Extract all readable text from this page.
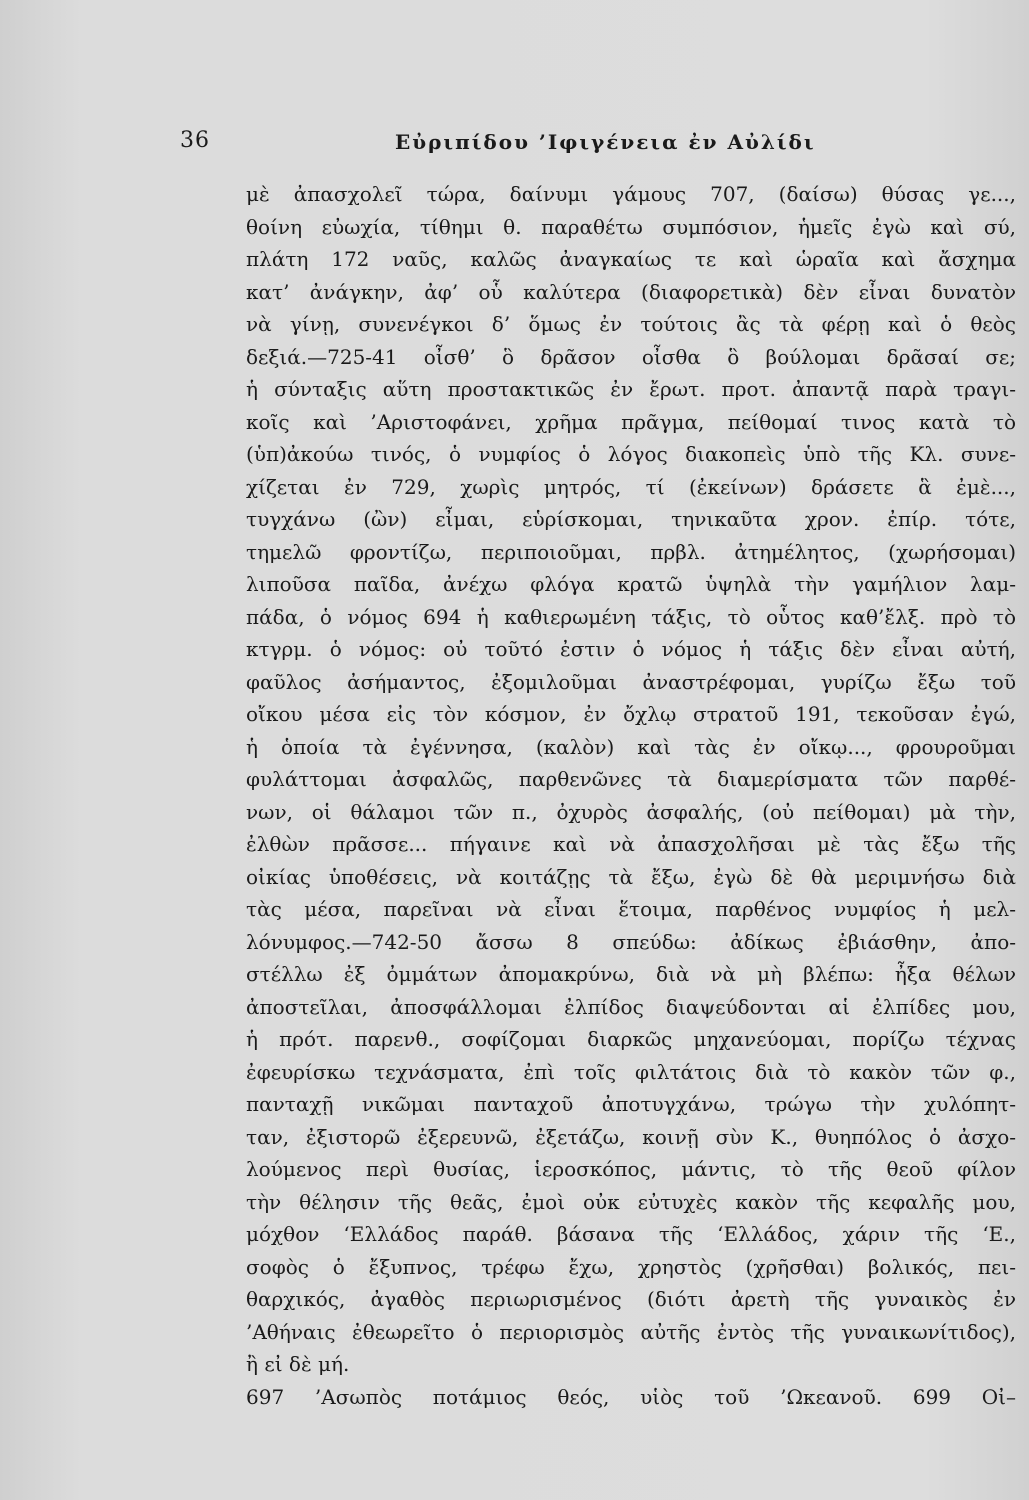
36	Εὐριπίδου ’Ιφιγένεια ἐν Αὐλίδι
μὲ ἀπασχολεῖ τώρα, δαίνυμι γάμους 707, (δαίσω) θύσας γε...,
θοίνη εὐωχία, τίθημι θ. παραθέτω συμπόσιον, ἡμεῖς ἐγὼ καὶ σύ,
πλάτη 172 ναῦς, καλῶς ἀναγκαίως τε καὶ ὡραῖα καὶ ἄσχημα
κατ’ ἀνάγκην, ἀφ’ οὗ καλύτερα (διαφορετικὰ) δὲν εἶναι δυνατὸν
νὰ γίνῃ, συνενέγκοι δ’ ὅμως ἐν τούτοις ἂς τὰ φέρῃ καὶ ὁ θεὸς
δεξιά.—725-41 οἶσθ’ ὃ δρᾶσον οἶσθα ὃ βούλομαι δρᾶσαί σε;
ἡ σύνταξις αὕτη προστακτικῶς ἐν ἔρωτ. προτ. ἀπαντᾷ παρὰ τραγι-
κοῖς καὶ ’Αριστοφάνει, χρῆμα πρᾶγμα, πείθομαί τινος κατὰ τὸ
(ὑπ)ἀκούω τινός, ὁ νυμφίος ὁ λόγος διακοπεὶς ὑπὸ τῆς Κλ. συνε-
χίζεται ἐν 729, χωρὶς μητρός, τί (ἐκείνων) δράσετε ἃ ἐμὲ...,
τυγχάνω (ὢν) εἶμαι, εὑρίσκομαι, τηνικαῦτα χρον. ἐπίρ. τότε,
τημελῶ φροντίζω, περιποιοῦμαι, πρβλ. ἀτημέλητος, (χωρήσομαι)
λιποῦσα παῖδα, ἀνέχω φλόγα κρατῶ ὑψηλὰ τὴν γαμήλιον λαμ-
πάδα, ὁ νόμος 694 ἡ καθιερωμένη τάξις, τὸ οὗτος καθ’ἔλξ. πρὸ τὸ
κτγρμ. ὁ νόμος: οὐ τοῦτό ἐστιν ὁ νόμος ἡ τάξις δὲν εἶναι αὐτή,
φαῦλος ἀσήμαντος, ἐξομιλοῦμαι ἀναστρέφομαι, γυρίζω ἔξω τοῦ
οἴκου μέσα εἰς τὸν κόσμον, ἐν ὄχλῳ στρατοῦ 191, τεκοῦσαν ἐγώ,
ἡ ὁποία τὰ ἐγέννησα, (καλὸν) καὶ τὰς ἐν οἴκῳ..., φρουροῦμαι
φυλάττομαι ἀσφαλῶς, παρθενῶνες τὰ διαμερίσματα τῶν παρθέ-
νων, οἱ θάλαμοι τῶν π., ὀχυρὸς ἀσφαλής, (οὐ πείθομαι) μὰ τὴν,
ἐλθὼν πρᾶσσε... πήγαινε καὶ νὰ ἀπασχολῆσαι μὲ τὰς ἔξω τῆς
οἰκίας ὑποθέσεις, νὰ κοιτάζῃς τὰ ἔξω, ἐγὼ δὲ θὰ μεριμνήσω διὰ
τὰς μέσα, παρεῖναι νὰ εἶναι ἕτοιμα, παρθένος νυμφίος ἡ μελ-
λόνυμφος.—742-50 ἄσσω 8 σπεύδω: ἀδίκως ἐβιάσθην, ἀπο-
στέλλω ἐξ ὀμμάτων ἀπομακρύνω, διὰ νὰ μὴ βλέπω: ἦξα θέλων
ἀποστεῖλαι, ἀποσφάλλομαι ἐλπίδος διαψεύδονται αἱ ἐλπίδες μου,
ἡ πρότ. παρενθ., σοφίζομαι διαρκῶς μηχανεύομαι, πορίζω τέχνας
ἐφευρίσκω τεχνάσματα, ἐπὶ τοῖς φιλτάτοις διὰ τὸ κακὸν τῶν φ.,
πανταχῇ νικῶμαι πανταχοῦ ἀποτυγχάνω, τρώγω τὴν χυλόπητ-
ταν, ἐξιστορῶ ἐξερευνῶ, ἐξετάζω, κοινῇ σὺν Κ., θυηπόλος ὁ ἀσχο-
λούμενος περὶ θυσίας, ἱεροσκόπος, μάντις, τὸ τῆς θεοῦ φίλον
τὴν θέλησιν τῆς θεᾶς, ἐμοὶ οὐκ εὐτυχὲς κακὸν τῆς κεφαλῆς μου,
μόχθον ‘Ελλάδος παράθ. βάσανα τῆς ‘Ελλάδος, χάριν τῆς ‘Ε.,
σοφὸς ὁ ἔξυπνος, τρέφω ἔχω, χρηστὸς (χρῆσθαι) βολικός, πει-
θαρχικός, ἀγαθὸς περιωρισμένος (διότι ἀρετὴ τῆς γυναικὸς ἐν
’Αθήναις ἐθεωρεῖτο ὁ περιορισμὸς αὐτῆς ἐντὸς τῆς γυναικωνίτιδος),
ἢ εἰ δὲ μή.
697 ’Ασωπὸς ποτάμιος θεός, υἱὸς τοῦ ’Ωκεανοῦ. 699 Οἰ–
